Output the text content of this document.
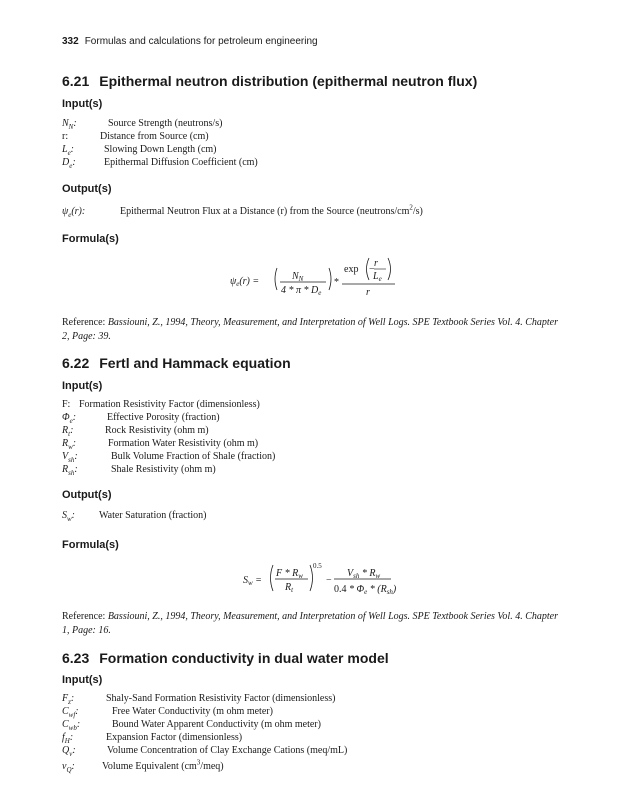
332 Formulas and calculations for petroleum engineering
6.21 Epithermal neutron distribution (epithermal neutron flux)
Input(s)
$N_N$:	Source Strength (neutrons/s)
r:	Distance from Source (cm)
$L_e$:	Slowing Down Length (cm)
$D_e$:	Epithermal Diffusion Coefficient (cm)
Output(s)
$\psi_e(r)$:	Epithermal Neutron Flux at a Distance (r) from the Source $(neutrons/cm^2/s)$
Formula(s)
$\psi_e(r)$ =	$N_N$
4 * π * $D_e$
*
exp −
r
$L_e$
r
Reference: Bassiouni, Z., 1994, Theory, Measurement, and Interpretation of Well Logs. SPE Textbook Series Vol. 4. Chapter 2, Page: 39.
6.22 Fertl and Hammack equation
Input(s)
F: Formation Resistivity Factor (dimensionless)
$\Phi_e$:	Effective Porosity (fraction)
$R_t$:	Rock Resistivity (ohm m)
$R_w$:	Formation Water Resistivity (ohm m)
$V_{sh}$:	Bulk Volume Fraction of Shale (fraction)
$R_{sh}$:	Shale Resistivity (ohm m)
Output(s)
$S_w$: Water Saturation (fraction)
Formula(s)
$S_w$ =
F * $R_w$
$R_t$
0.5
−
$V_{sh} * R_w$
$0.4 * \Phi_e * (R_{sh})$
Reference: Bassiouni, Z., 1994, Theory, Measurement, and Interpretation of Well Logs. SPE Textbook Series Vol. 4. Chapter 1, Page: 16.
6.23 Formation conductivity in dual water model
Input(s)
$F_z$:	Shaly-Sand Formation Resistivity Factor (dimensionless)
$C_{wf}$:	Free Water Conductivity (m ohm meter)
$C_{wb}$:	Bound Water Apparent Conductivity (m ohm meter)
$f_H$:	Expansion Factor (dimensionless)
$Q_v$:	Volume Concentration of Clay Exchange Cations (meq/mL)
$v_Q$:	Volume Equivalent $(cm^3/meq)$
